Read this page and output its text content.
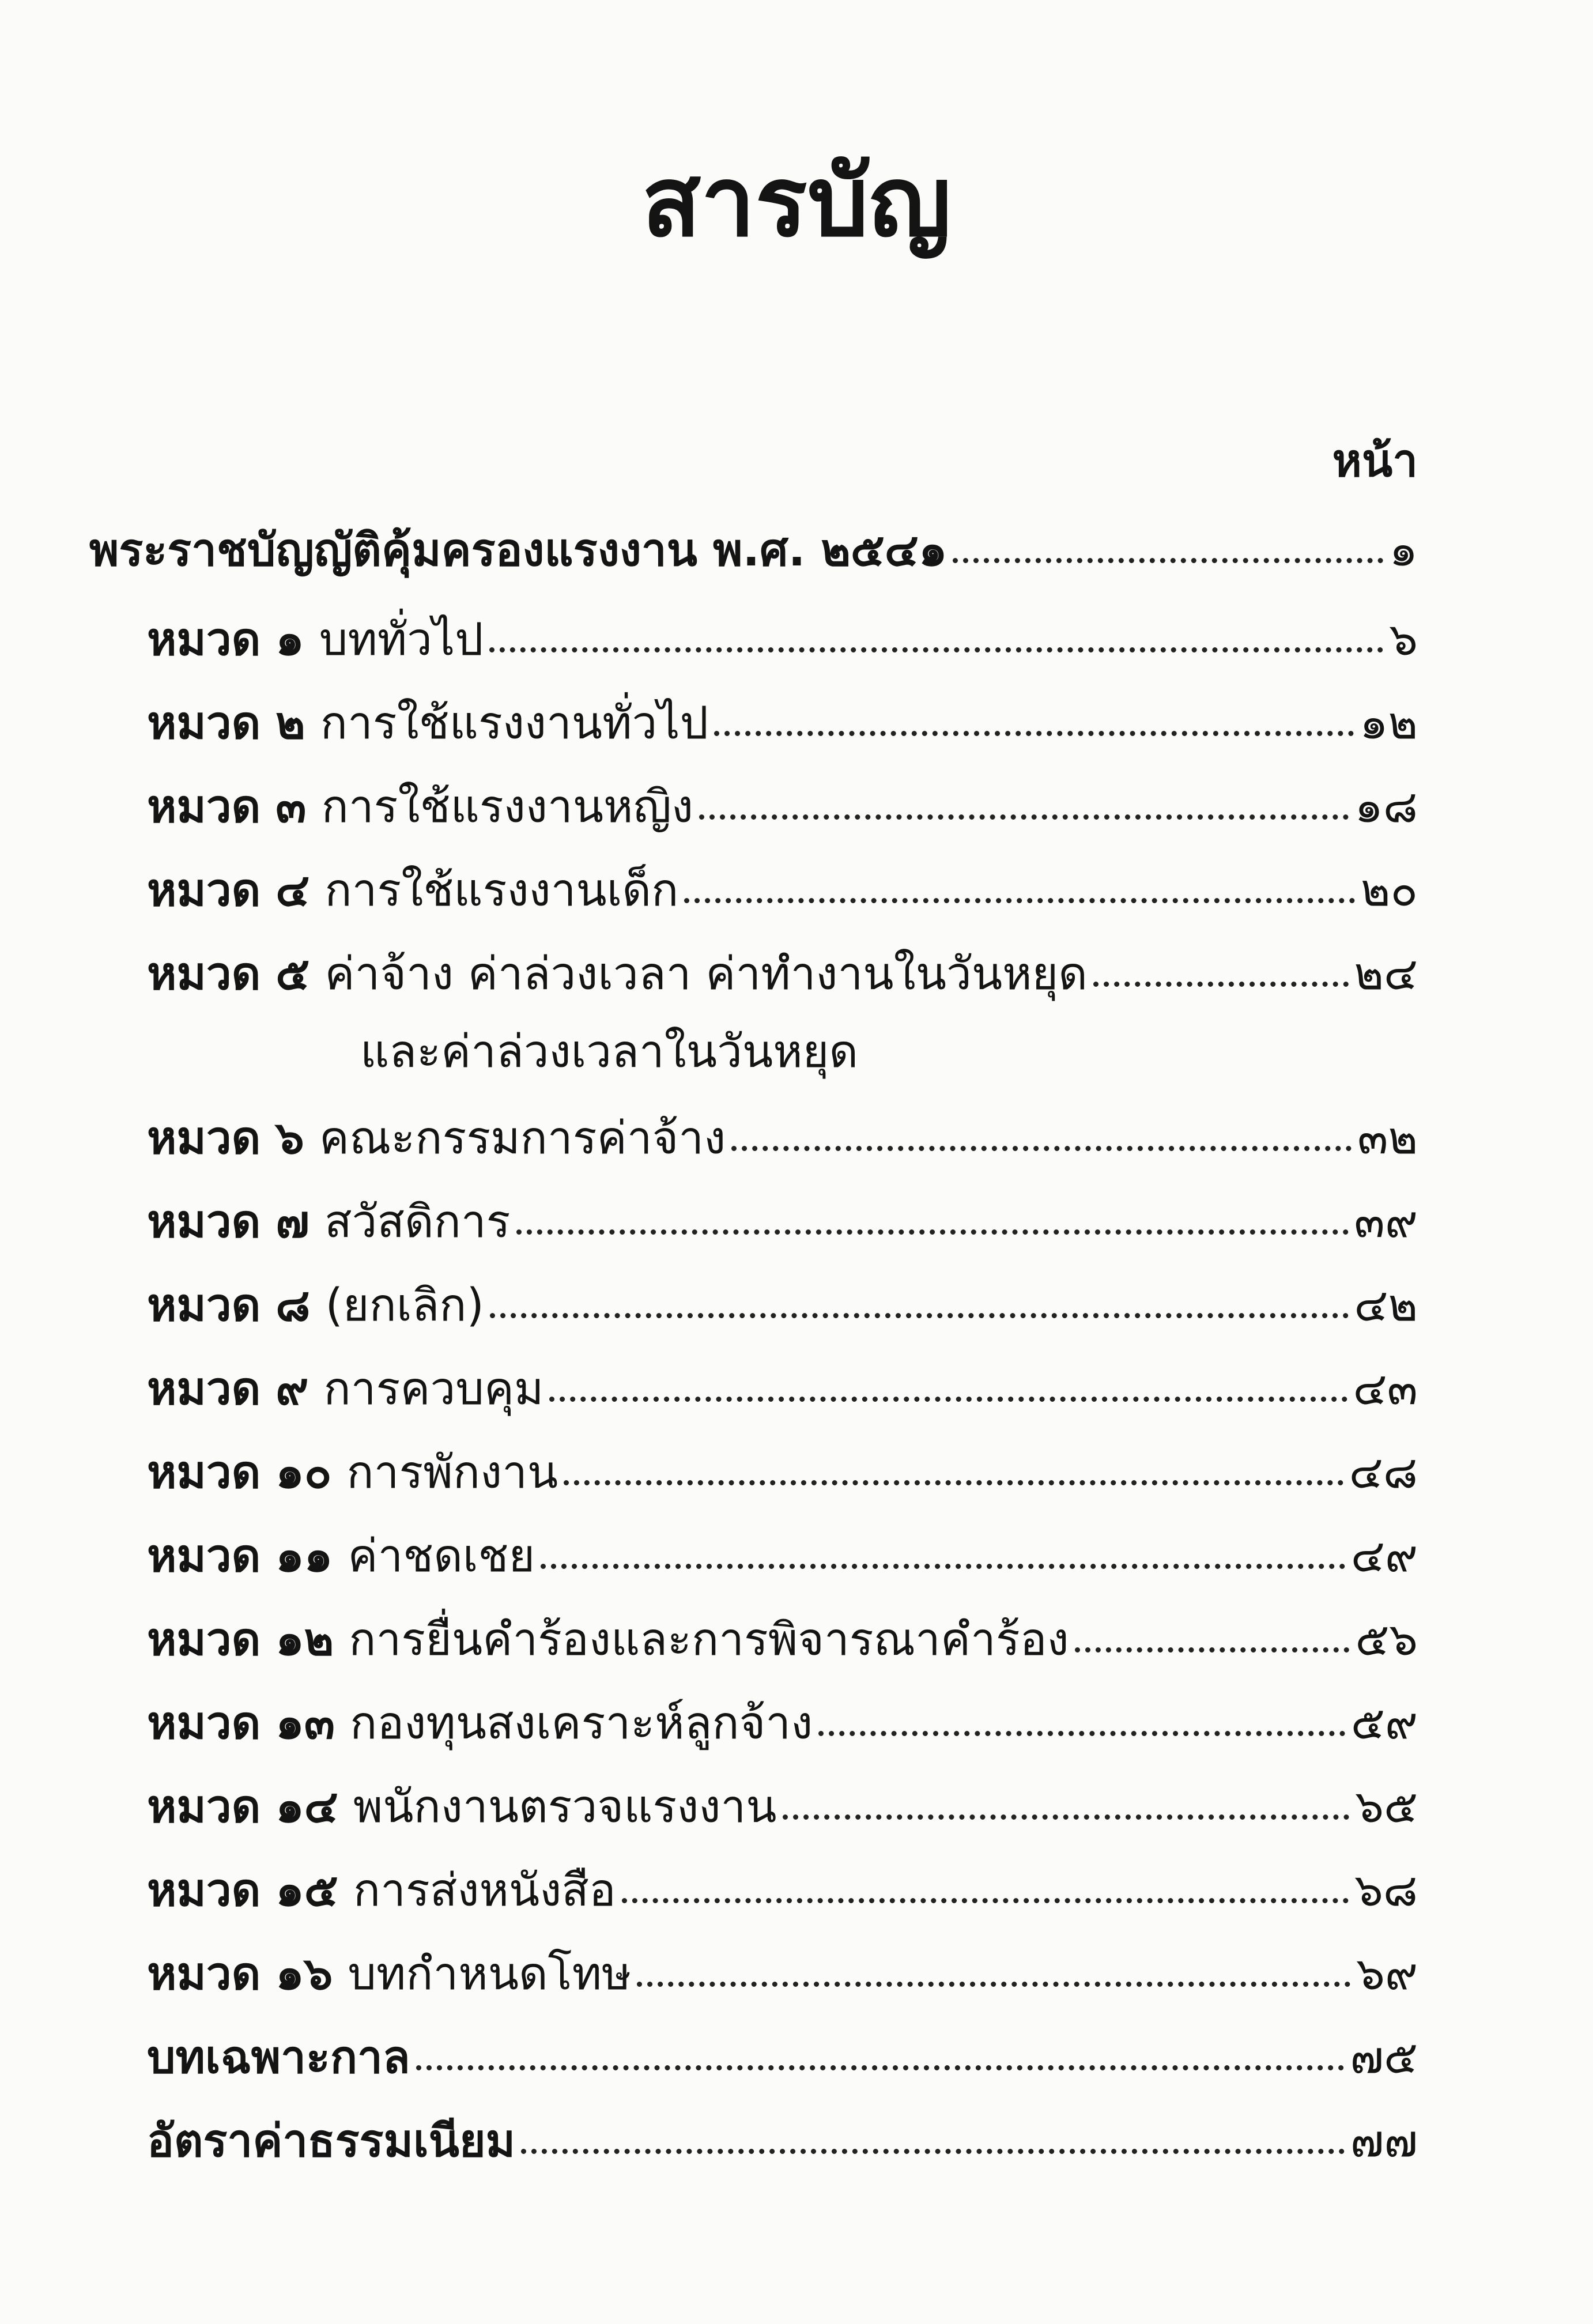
สารบัญ
หน้า
พระราชบัญญัติคุ้มครองแรงงาน พ.ศ. ๒๕๔๑	๑
หมวด ๑ บททั่วไป	๖
หมวด ๒ การใช้แรงงานทั่วไป	๑๒
หมวด ๓ การใช้แรงงานหญิง	๑๘
หมวด ๔ การใช้แรงงานเด็ก	๒๐
หมวด ๕ ค่าจ้าง ค่าล่วงเวลา ค่าทำงานในวันหยุด	๒๔
และค่าล่วงเวลาในวันหยุด
หมวด ๖ คณะกรรมการค่าจ้าง	๓๒
หมวด ๗ สวัสดิการ	๓๙
หมวด ๘ (ยกเลิก)	๔๒
หมวด ๙ การควบคุม	๔๓
หมวด ๑๐ การพักงาน	๔๘
หมวด ๑๑ ค่าชดเชย	๔๙
หมวด ๑๒ การยื่นคำร้องและการพิจารณาคำร้อง	๕๖
หมวด ๑๓ กองทุนสงเคราะห์ลูกจ้าง	๕๙
หมวด ๑๔ พนักงานตรวจแรงงาน	๖๕
หมวด ๑๕ การส่งหนังสือ	๖๘
หมวด ๑๖ บทกำหนดโทษ	๖๙
บทเฉพาะกาล	๗๕
อัตราค่าธรรมเนียม	๗๗
